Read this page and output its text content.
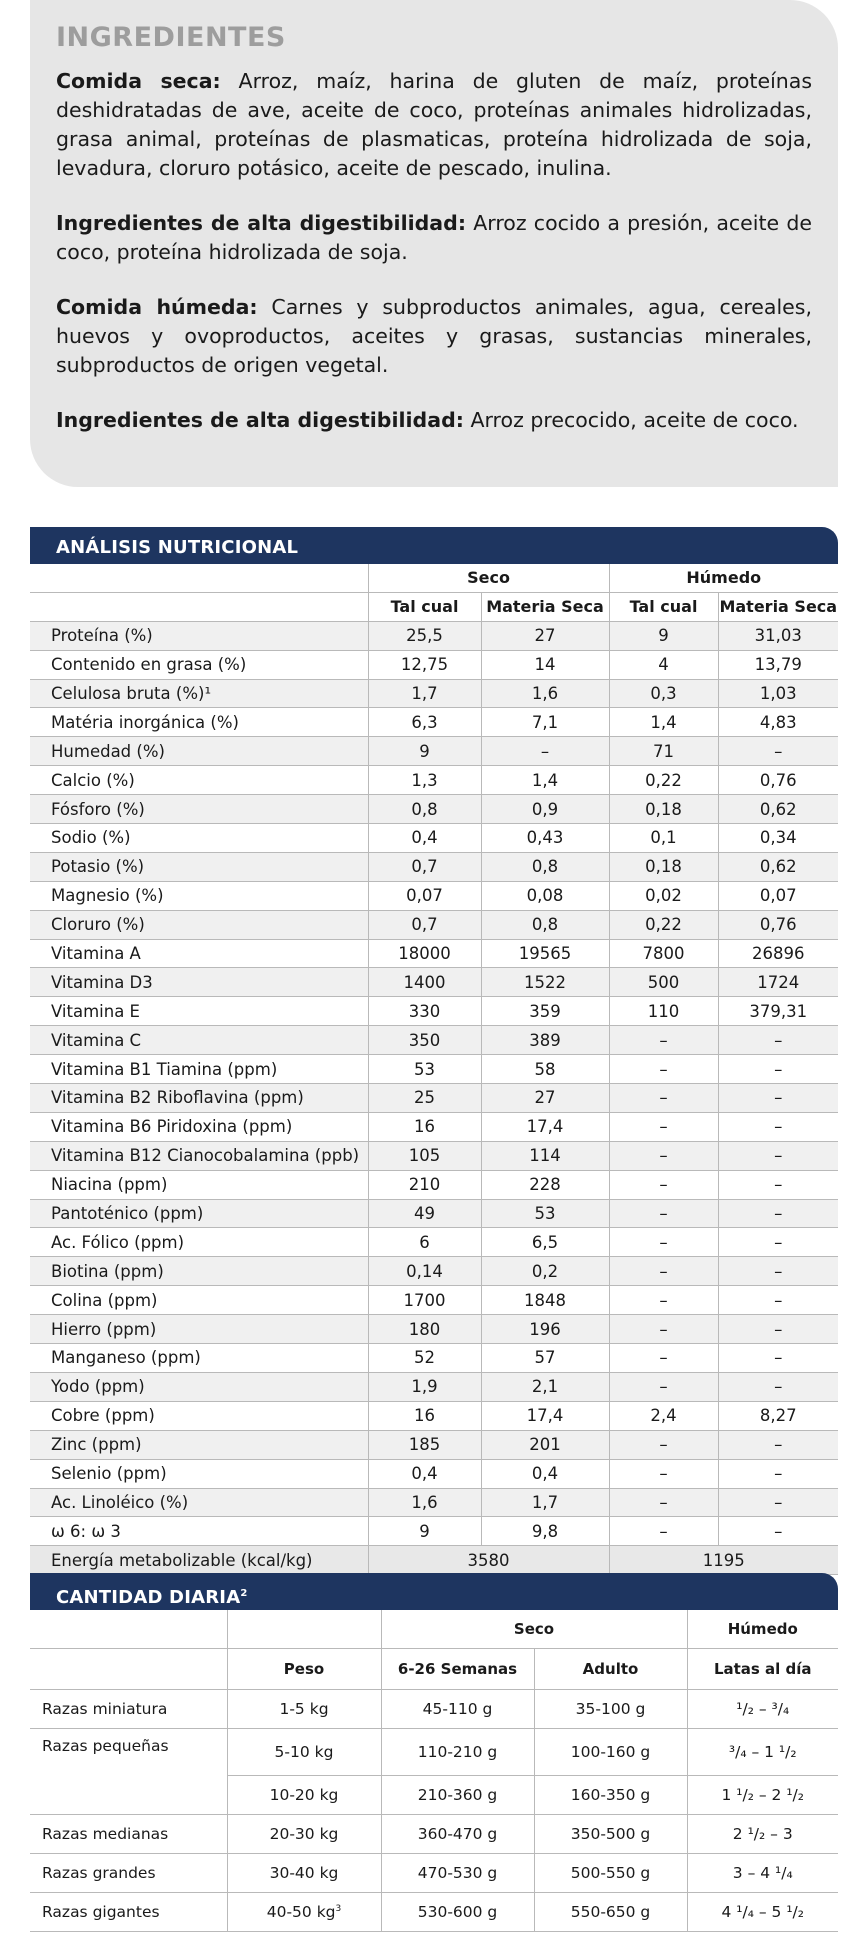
INGREDIENTES

Comida seca: Arroz, maíz, harina de gluten de maíz, proteínas deshidratadas de ave, aceite de coco, proteínas animales hidrolizadas, grasa animal, proteínas de plasmaticas, proteína hidrolizada de soja, levadura, cloruro potásico, aceite de pescado, inulina.

Ingredientes de alta digestibilidad: Arroz cocido a presión, aceite de coco, proteína hidrolizada de soja.

Comida húmeda: Carnes y subproductos animales, agua, cereales, huevos y ovoproductos, aceites y grasas, sustancias minerales, subproductos de origen vegetal.

Ingredientes de alta digestibilidad: Arroz precocido, aceite de coco.

ANÁLISIS NUTRICIONAL
	Seco		Húmedo	
	Tal cual	Materia Seca	Tal cual	Materia Seca
Proteína (%)	25,5	27	9	31,03
Contenido en grasa (%)	12,75	14	4	13,79
Celulosa bruta (%)¹	1,7	1,6	0,3	1,03
Matéria inorgánica (%)	6,3	7,1	1,4	4,83
Humedad (%)	9	–	71	–
Calcio (%)	1,3	1,4	0,22	0,76
Fósforo (%)	0,8	0,9	0,18	0,62
Sodio (%)	0,4	0,43	0,1	0,34
Potasio (%)	0,7	0,8	0,18	0,62
Magnesio (%)	0,07	0,08	0,02	0,07
Cloruro (%)	0,7	0,8	0,22	0,76
Vitamina A	18000	19565	7800	26896
Vitamina D3	1400	1522	500	1724
Vitamina E	330	359	110	379,31
Vitamina C	350	389	–	–
Vitamina B1 Tiamina (ppm)	53	58	–	–
Vitamina B2 Riboflavina (ppm)	25	27	–	–
Vitamina B6 Piridoxina (ppm)	16	17,4	–	–
Vitamina B12 Cianocobalamina (ppb)	105	114	–	–
Niacina (ppm)	210	228	–	–
Pantoténico (ppm)	49	53	–	–
Ac. Fólico (ppm)	6	6,5	–	–
Biotina (ppm)	0,14	0,2	–	–
Colina (ppm)	1700	1848	–	–
Hierro (ppm)	180	196	–	–
Manganeso (ppm)	52	57	–	–
Yodo (ppm)	1,9	2,1	–	–
Cobre (ppm)	16	17,4	2,4	8,27
Zinc (ppm)	185	201	–	–
Selenio (ppm)	0,4	0,4	–	–
Ac. Linoléico (%)	1,6	1,7	–	–
ω 6: ω 3	9	9,8	–	–
Energía metabolizable (kcal/kg)	3580		1195	
CANTIDAD DIARIA$^2$
		Seco		Húmedo
	Peso	6-26 Semanas	Adulto	Latas al día
Razas miniatura	1-5 kg	45-110 g	35-100 g	¹/₂ – ³/₄
Razas pequeñas	5-10 kg	110-210 g	100-160 g	³/₄ – 1 ¹/₂
	10-20 kg	210-360 g	160-350 g	1 ¹/₂ – 2 ¹/₂
Razas medianas	20-30 kg	360-470 g	350-500 g	2 ¹/₂ – 3
Razas grandes	30-40 kg	470-530 g	500-550 g	3 – 4 ¹/₄
Razas gigantes	40-50 $kg^3$	530-600 g	550-650 g	4 ¹/₄ – 5 ¹/₂
